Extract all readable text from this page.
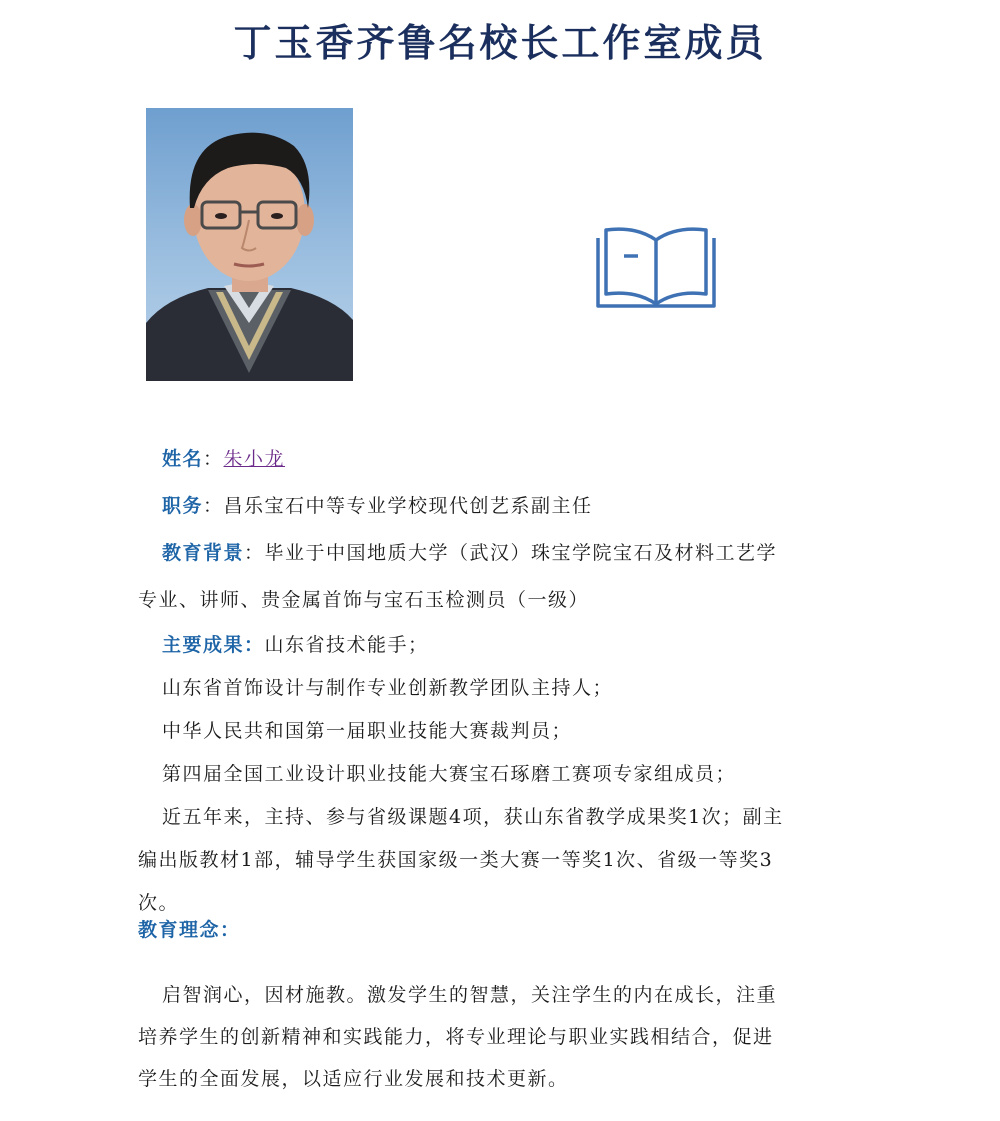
丁玉香齐鲁名校长工作室成员
姓名：朱小龙
职务：昌乐宝石中等专业学校现代创艺系副主任
教育背景：毕业于中国地质大学（武汉）珠宝学院宝石及材料工艺学
专业、讲师、贵金属首饰与宝石玉检测员（一级）
主要成果：山东省技术能手；
山东省首饰设计与制作专业创新教学团队主持人；
中华人民共和国第一届职业技能大赛裁判员；
第四届全国工业设计职业技能大赛宝石琢磨工赛项专家组成员；
近五年来，主持、参与省级课题4项，获山东省教学成果奖1次；副主
编出版教材1部，辅导学生获国家级一类大赛一等奖1次、省级一等奖3
次。
教育理念：
启智润心，因材施教。激发学生的智慧，关注学生的内在成长，注重
培养学生的创新精神和实践能力，将专业理论与职业实践相结合，促进
学生的全面发展，以适应行业发展和技术更新。
